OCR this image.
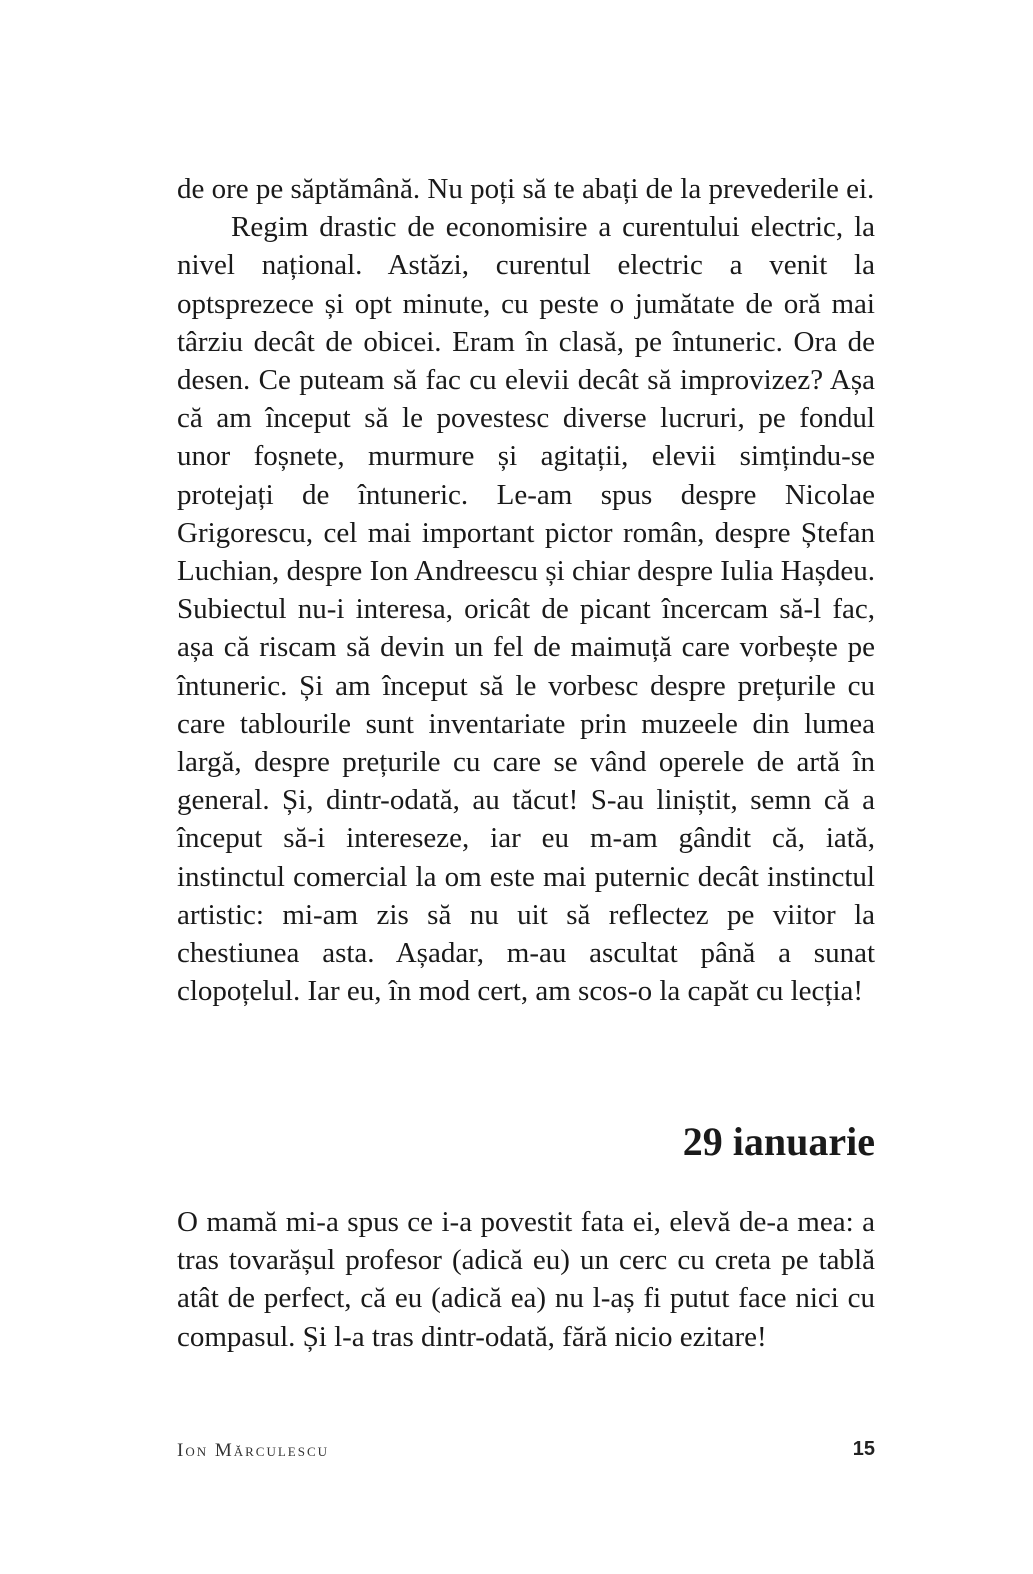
de ore pe săptămână. Nu poți să te abați de la prevederile ei.

Regim drastic de economisire a curentului electric, la nivel național. Astăzi, curentul electric a venit la optsprezece și opt minute, cu peste o jumătate de oră mai târziu decât de obicei. Eram în clasă, pe întuneric. Ora de desen. Ce puteam să fac cu elevii decât să improvizez? Așa că am început să le povestesc diverse lucruri, pe fondul unor foșnete, murmure și agitații, elevii simțindu-se protejați de întuneric. Le-am spus despre Nicolae Grigorescu, cel mai important pictor român, despre Ștefan Luchian, despre Ion Andreescu și chiar despre Iulia Hașdeu. Subiectul nu-i interesa, oricât de picant încercam să-l fac, așa că riscam să devin un fel de maimuță care vorbește pe întuneric. Și am început să le vorbesc despre prețurile cu care tablourile sunt inventariate prin muzeele din lumea largă, despre prețurile cu care se vând operele de artă în general. Și, dintr-odată, au tăcut! S-au liniștit, semn că a început să-i intereseze, iar eu m-am gândit că, iată, instinctul comercial la om este mai puternic decât instinctul artistic: mi-am zis să nu uit să reflectez pe viitor la chestiunea asta. Așadar, m-au ascultat până a sunat clopoțelul. Iar eu, în mod cert, am scos-o la capăt cu lecția!

29 ianuarie

O mamă mi-a spus ce i-a povestit fata ei, elevă de-a mea: a tras tovarășul profesor (adică eu) un cerc cu creta pe tablă atât de perfect, că eu (adică ea) nu l-aș fi putut face nici cu compasul. Și l-a tras dintr-odată, fără nicio ezitare!

Ion Mărculescu	15
